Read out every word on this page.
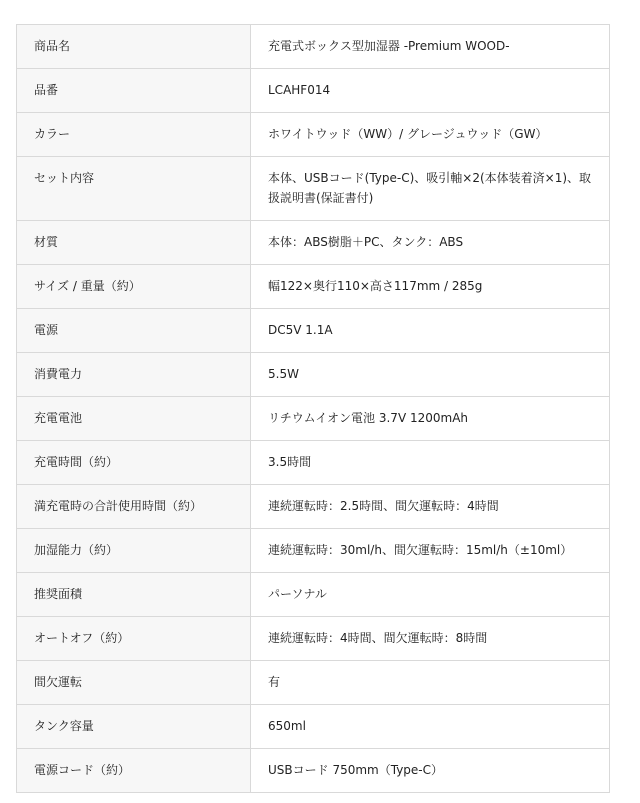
商品名	充電式ボックス型加湿器 -Premium WOOD-

品番	LCAHF014

カラー	ホワイトウッド（WW）/ グレージュウッド（GW）

セット内容	本体、USBコード(Type-C)、吸引軸×2(本体装着済×1)、取扱説明書(保証書付)

材質	本体：ABS樹脂＋PC、タンク：ABS

サイズ / 重量（約）	幅122×奥行110×高さ117mm / 285g

電源	DC5V 1.1A

消費電力	5.5W

充電電池	リチウムイオン電池 3.7V 1200mAh

充電時間（約）	3.5時間

満充電時の合計使用時間（約）	連続運転時：2.5時間、間欠運転時：4時間

加湿能力（約）	連続運転時：30ml/h、間欠運転時：15ml/h（±10ml）

推奨面積	パーソナル

オートオフ（約）	連続運転時：4時間、間欠運転時：8時間

間欠運転	有

タンク容量	650ml

電源コード（約）	USBコード 750mm（Type-C）
